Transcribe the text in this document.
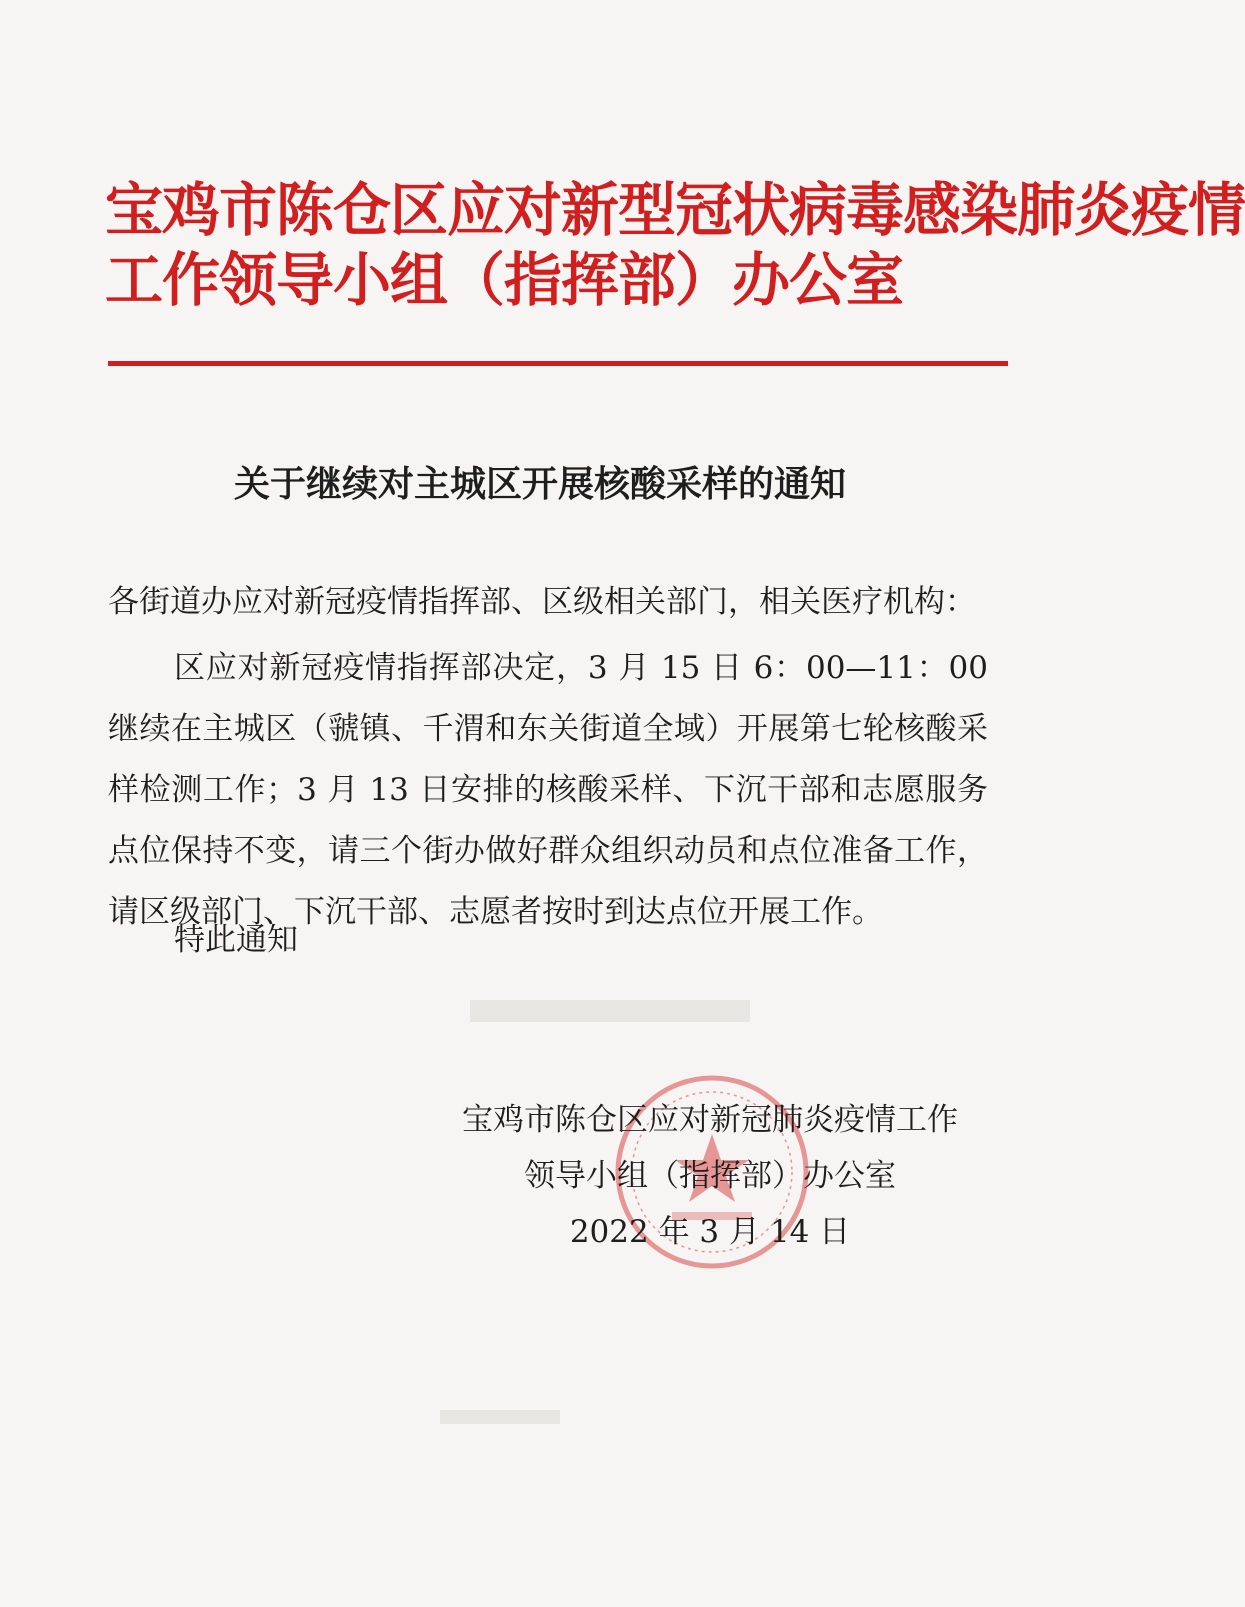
宝鸡市陈仓区应对新型冠状病毒感染肺炎疫情
工作领导小组（指挥部）办公室
关于继续对主城区开展核酸采样的通知
各街道办应对新冠疫情指挥部、区级相关部门，相关医疗机构：
区应对新冠疫情指挥部决定，3 月 15 日 6：00—11：00 继续在主城区（虢镇、千渭和东关街道全域）开展第七轮核酸采样检测工作；3 月 13 日安排的核酸采样、下沉干部和志愿服务点位保持不变，请三个街办做好群众组织动员和点位准备工作，请区级部门、下沉干部、志愿者按时到达点位开展工作。
特此通知
宝鸡市陈仓区应对新冠肺炎疫情工作
领导小组（指挥部）办公室
2022 年 3 月 14 日
